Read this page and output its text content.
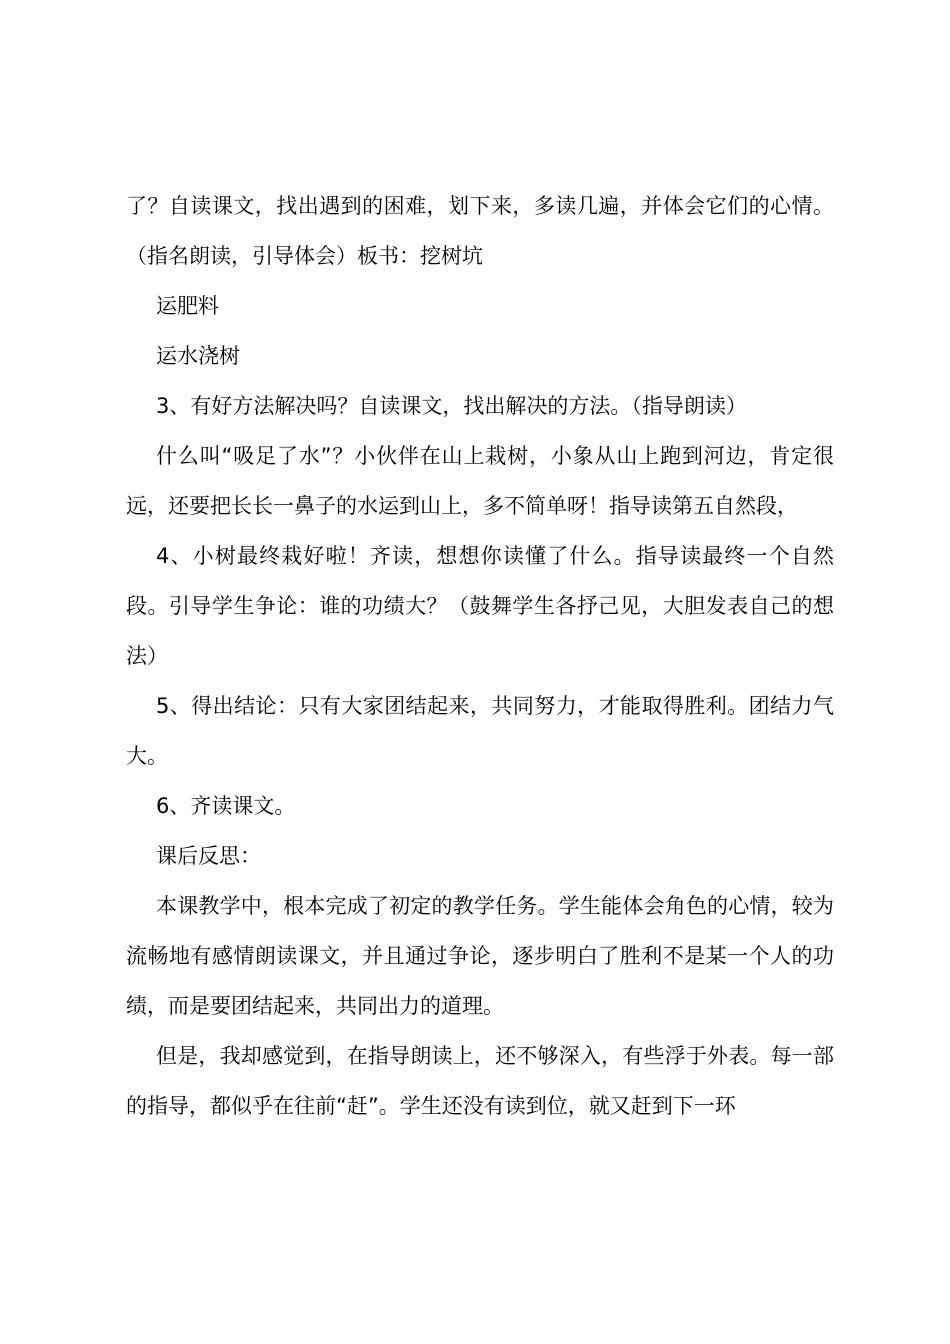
了？自读课文，找出遇到的困难，划下来，多读几遍，并体会它们的心情。（指名朗读，引导体会）板书：挖树坑

运肥料

运水浇树

3、有好方法解决吗？自读课文，找出解决的方法。（指导朗读）

什么叫“吸足了水”？小伙伴在山上栽树，小象从山上跑到河边，肯定很远，还要把长长一鼻子的水运到山上，多不简单呀！指导读第五自然段，

4、小树最终栽好啦！齐读，想想你读懂了什么。指导读最终一个自然段。引导学生争论：谁的功绩大？（鼓舞学生各抒己见，大胆发表自己的想法）

5、得出结论：只有大家团结起来，共同努力，才能取得胜利。团结力气大。

6、齐读课文。

课后反思：

本课教学中，根本完成了初定的教学任务。学生能体会角色的心情，较为流畅地有感情朗读课文，并且通过争论，逐步明白了胜利不是某一个人的功绩，而是要团结起来，共同出力的道理。

但是，我却感觉到，在指导朗读上，还不够深入，有些浮于外表。每一部的指导，都似乎在往前“赶”。学生还没有读到位，就又赶到下一环
